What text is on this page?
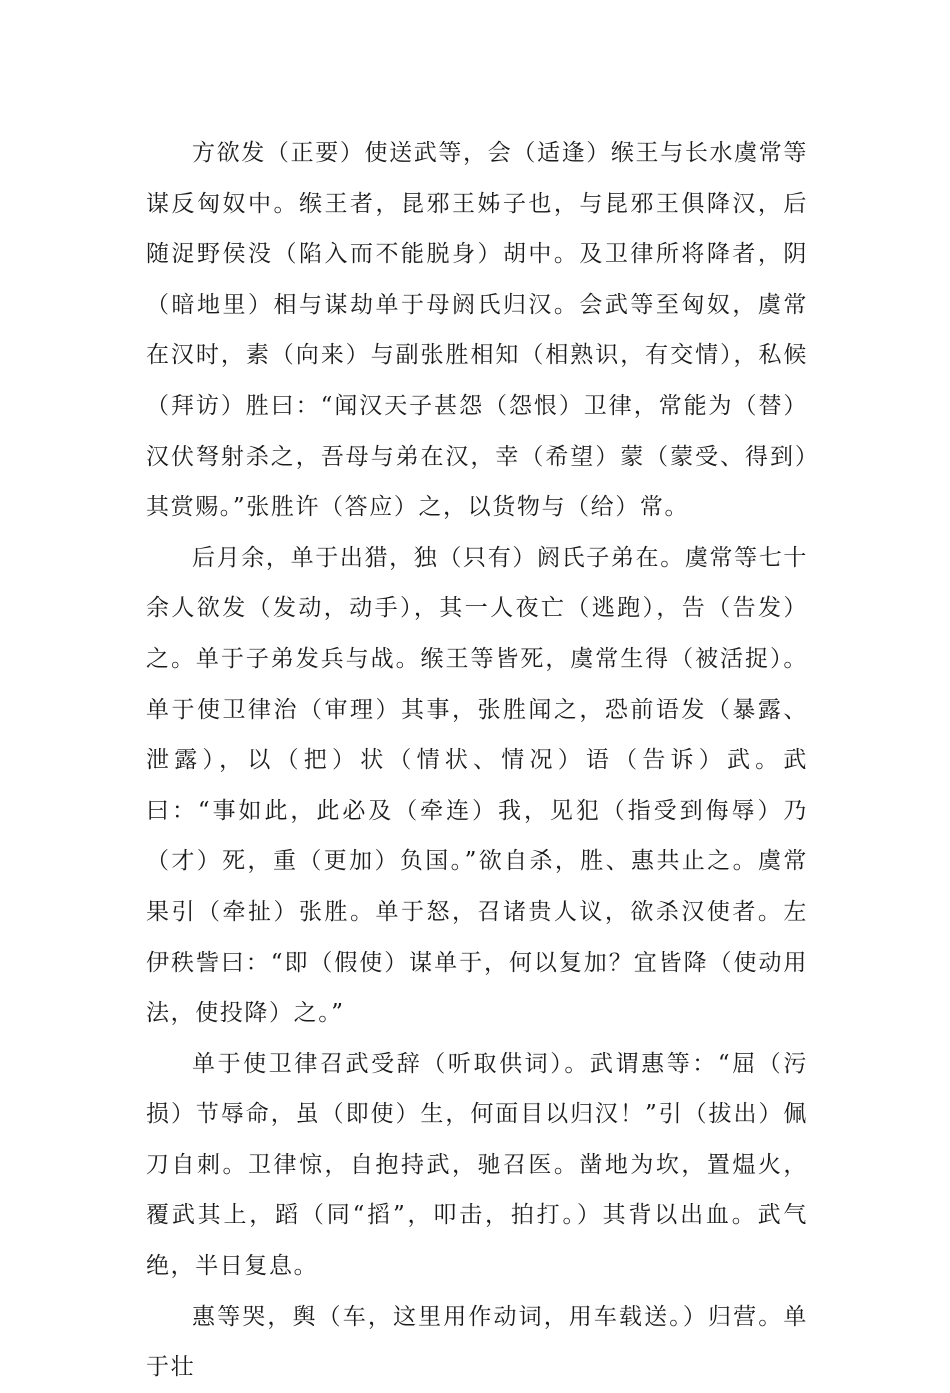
方欲发（正要）使送武等，会（适逢）缑王与长水虞常等谋反匈奴中。缑王者，昆邪王姊子也，与昆邪王俱降汉，后随浞野侯没（陷入而不能脱身）胡中。及卫律所将降者，阴（暗地里）相与谋劫单于母阏氏归汉。会武等至匈奴，虞常在汉时，素（向来）与副张胜相知（相熟识，有交情），私候（拜访）胜曰：“闻汉天子甚怨（怨恨）卫律，常能为（替）汉伏弩射杀之，吾母与弟在汉，幸（希望）蒙（蒙受、得到）其赏赐。”张胜许（答应）之，以货物与（给）常。

后月余，单于出猎，独（只有）阏氏子弟在。虞常等七十余人欲发（发动，动手），其一人夜亡（逃跑），告（告发）之。单于子弟发兵与战。缑王等皆死，虞常生得（被活捉）。单于使卫律治（审理）其事，张胜闻之，恐前语发（暴露、泄露），以（把）状（情状、情况）语（告诉）武。武曰：“事如此，此必及（牵连）我，见犯（指受到侮辱）乃（才）死，重（更加）负国。”欲自杀，胜、惠共止之。虞常果引（牵扯）张胜。单于怒，召诸贵人议，欲杀汉使者。左伊秩訾曰：“即（假使）谋单于，何以复加？宜皆降（使动用法，使投降）之。”

单于使卫律召武受辞（听取供词）。武谓惠等：“屈（污损）节辱命，虽（即使）生，何面目以归汉！”引（拔出）佩刀自刺。卫律惊，自抱持武，驰召医。凿地为坎，置煴火，覆武其上，蹈（同“搯”，叩击，拍打。）其背以出血。武气绝，半日复息。

惠等哭，舆（车，这里用作动词，用车载送。）归营。单于壮
